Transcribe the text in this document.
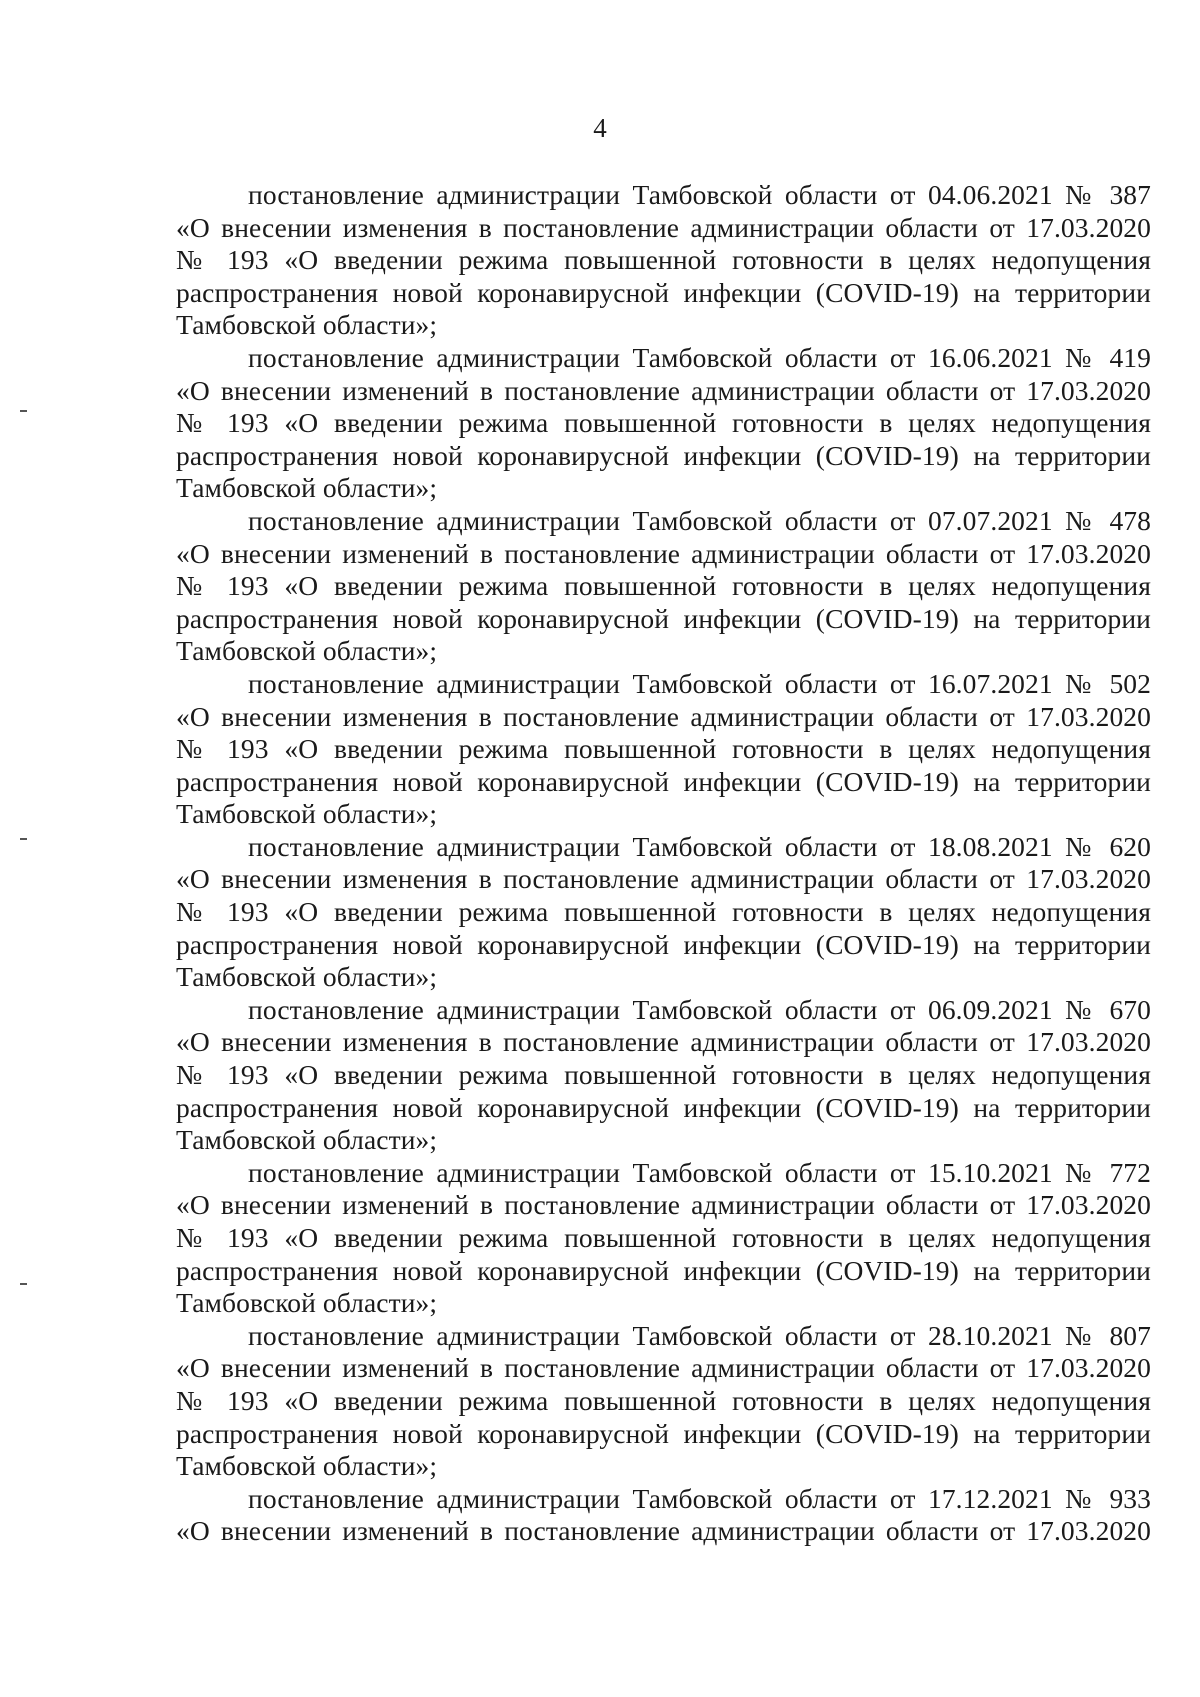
4
постановление администрации Тамбовской области от 04.06.2021 № 387
«О внесении изменения в постановление администрации области от 17.03.2020
№ 193 «О введении режима повышенной готовности в целях недопущения
распространения новой коронавирусной инфекции (COVID-19) на территории
Тамбовской области»;
постановление администрации Тамбовской области от 16.06.2021 № 419
«О внесении изменений в постановление администрации области от 17.03.2020
№ 193 «О введении режима повышенной готовности в целях недопущения
распространения новой коронавирусной инфекции (COVID-19) на территории
Тамбовской области»;
постановление администрации Тамбовской области от 07.07.2021 № 478
«О внесении изменений в постановление администрации области от 17.03.2020
№ 193 «О введении режима повышенной готовности в целях недопущения
распространения новой коронавирусной инфекции (COVID-19) на территории
Тамбовской области»;
постановление администрации Тамбовской области от 16.07.2021 № 502
«О внесении изменения в постановление администрации области от 17.03.2020
№ 193 «О введении режима повышенной готовности в целях недопущения
распространения новой коронавирусной инфекции (COVID-19) на территории
Тамбовской области»;
постановление администрации Тамбовской области от 18.08.2021 № 620
«О внесении изменения в постановление администрации области от 17.03.2020
№ 193 «О введении режима повышенной готовности в целях недопущения
распространения новой коронавирусной инфекции (COVID-19) на территории
Тамбовской области»;
постановление администрации Тамбовской области от 06.09.2021 № 670
«О внесении изменения в постановление администрации области от 17.03.2020
№ 193 «О введении режима повышенной готовности в целях недопущения
распространения новой коронавирусной инфекции (COVID-19) на территории
Тамбовской области»;
постановление администрации Тамбовской области от 15.10.2021 № 772
«О внесении изменений в постановление администрации области от 17.03.2020
№ 193 «О введении режима повышенной готовности в целях недопущения
распространения новой коронавирусной инфекции (COVID-19) на территории
Тамбовской области»;
постановление администрации Тамбовской области от 28.10.2021 № 807
«О внесении изменений в постановление администрации области от 17.03.2020
№ 193 «О введении режима повышенной готовности в целях недопущения
распространения новой коронавирусной инфекции (COVID-19) на территории
Тамбовской области»;
постановление администрации Тамбовской области от 17.12.2021 № 933
«О внесении изменений в постановление администрации области от 17.03.2020
